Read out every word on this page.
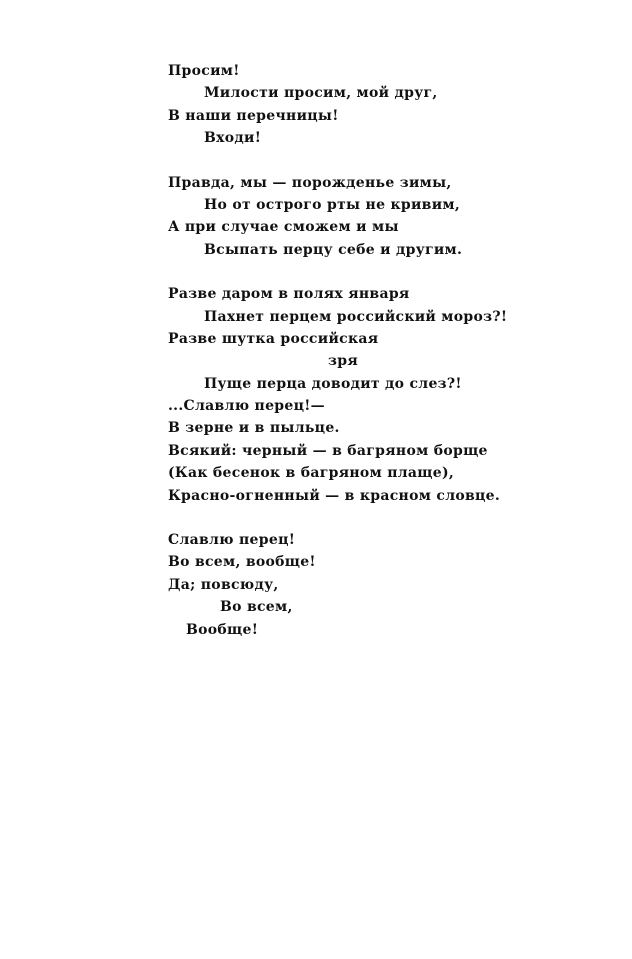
Просим!
Милости просим, мой друг,
В наши перечницы!
Входи!
Правда, мы — порожденье зимы,
Но от острого рты не кривим,
А при случае сможем и мы
Всыпать перцу себе и другим.
Разве даром в полях января
Пахнет перцем российский мороз?!
Разве шутка российская
зря
Пуще перца доводит до слез?!
...Славлю перец!—
В зерне и в пыльце.
Всякий: черный — в багряном борще
(Как бесенок в багряном плаще),
Красно-огненный — в красном словце.
Славлю перец!
Во всем, вообще!
Да; повсюду,
Во всем,
Вообще!
